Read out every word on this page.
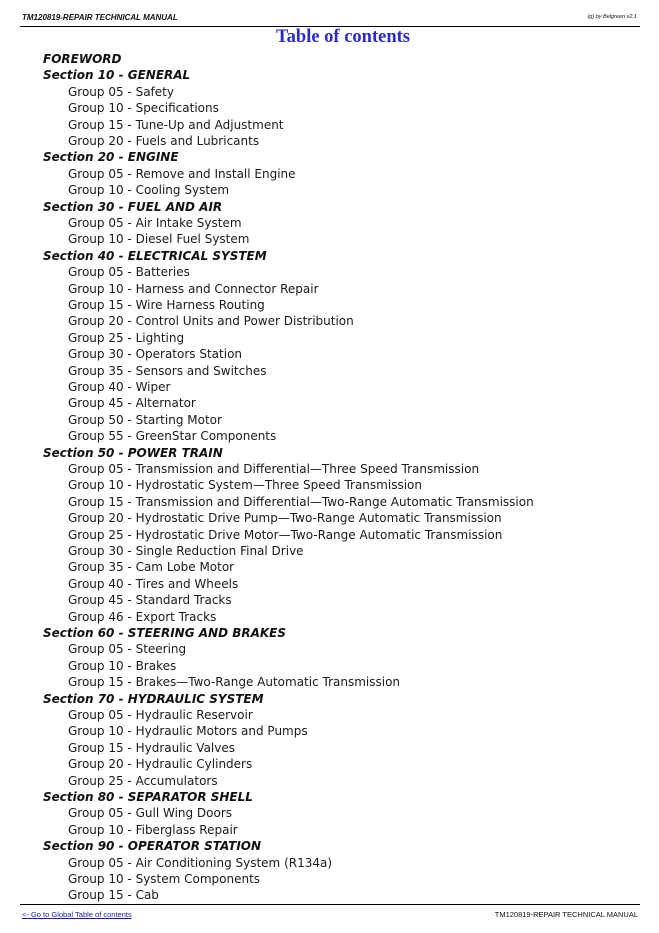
TM120819-REPAIR TECHNICAL MANUAL	(g) by Belgreen v2.1
Table of contents
FOREWORD
Section 10 - GENERAL
Group 05 - Safety
Group 10 - Specifications
Group 15 - Tune-Up and Adjustment
Group 20 - Fuels and Lubricants
Section 20 - ENGINE
Group 05 - Remove and Install Engine
Group 10 - Cooling System
Section 30 - FUEL AND AIR
Group 05 - Air Intake System
Group 10 - Diesel Fuel System
Section 40 - ELECTRICAL SYSTEM
Group 05 - Batteries
Group 10 - Harness and Connector Repair
Group 15 - Wire Harness Routing
Group 20 - Control Units and Power Distribution
Group 25 - Lighting
Group 30 - Operators Station
Group 35 - Sensors and Switches
Group 40 - Wiper
Group 45 - Alternator
Group 50 - Starting Motor
Group 55 - GreenStar Components
Section 50 - POWER TRAIN
Group 05 - Transmission and Differential—Three Speed Transmission
Group 10 - Hydrostatic System—Three Speed Transmission
Group 15 - Transmission and Differential—Two-Range Automatic Transmission
Group 20 - Hydrostatic Drive Pump—Two-Range Automatic Transmission
Group 25 - Hydrostatic Drive Motor—Two-Range Automatic Transmission
Group 30 - Single Reduction Final Drive
Group 35 - Cam Lobe Motor
Group 40 - Tires and Wheels
Group 45 - Standard Tracks
Group 46 - Export Tracks
Section 60 - STEERING AND BRAKES
Group 05 - Steering
Group 10 - Brakes
Group 15 - Brakes—Two-Range Automatic Transmission
Section 70 - HYDRAULIC SYSTEM
Group 05 - Hydraulic Reservoir
Group 10 - Hydraulic Motors and Pumps
Group 15 - Hydraulic Valves
Group 20 - Hydraulic Cylinders
Group 25 - Accumulators
Section 80 - SEPARATOR SHELL
Group 05 - Gull Wing Doors
Group 10 - Fiberglass Repair
Section 90 - OPERATOR STATION
Group 05 - Air Conditioning System (R134a)
Group 10 - System Components
Group 15 - Cab
<- Go to Global Table of contents	TM120819-REPAIR TECHNICAL MANUAL
